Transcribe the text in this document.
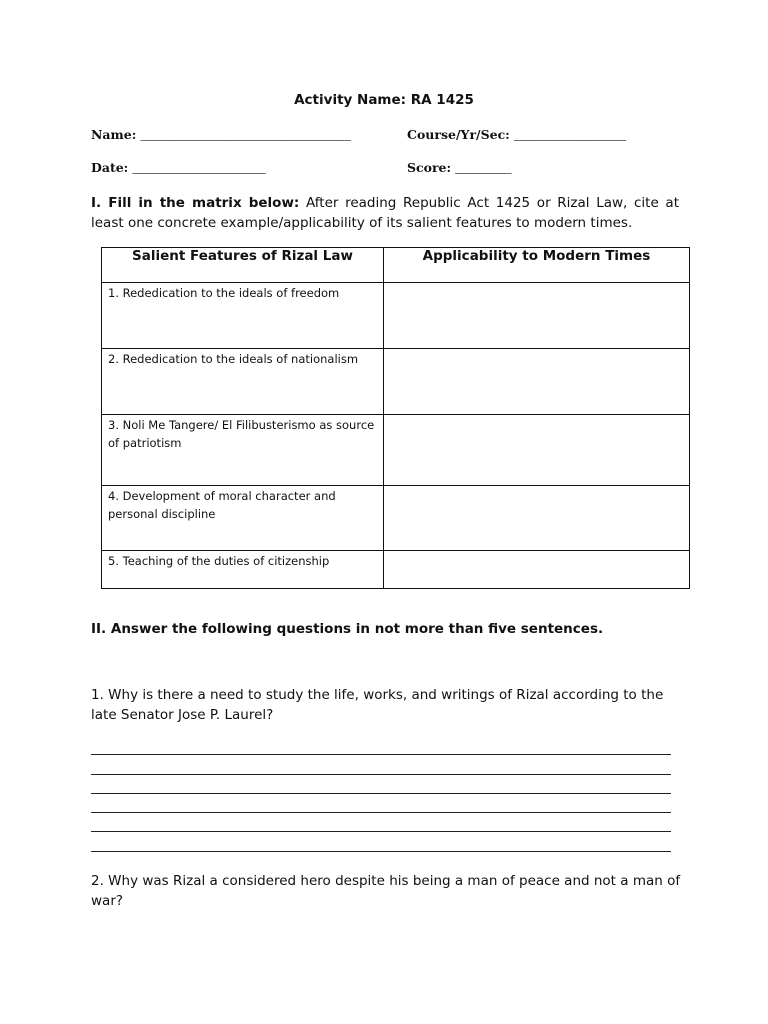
Activity Name: RA 1425
Name: ______________________________	Course/Yr/Sec: ________________
Date: ___________________	Score: ________
I. Fill in the matrix below: After reading Republic Act 1425 or Rizal Law, cite at least one concrete example/applicability of its salient features to modern times.
Salient Features of Rizal Law	Applicability to Modern Times
1. Rededication to the ideals of freedom	
2. Rededication to the ideals of nationalism	
3. Noli Me Tangere/ El Filibusterismo as source of patriotism	
4. Development of moral character and personal discipline	
5. Teaching of the duties of citizenship	
II. Answer the following questions in not more than five sentences.
1. Why is there a need to study the life, works, and writings of Rizal according to the late Senator Jose P. Laurel?
2. Why was Rizal a considered hero despite his being a man of peace and not a man of war?
